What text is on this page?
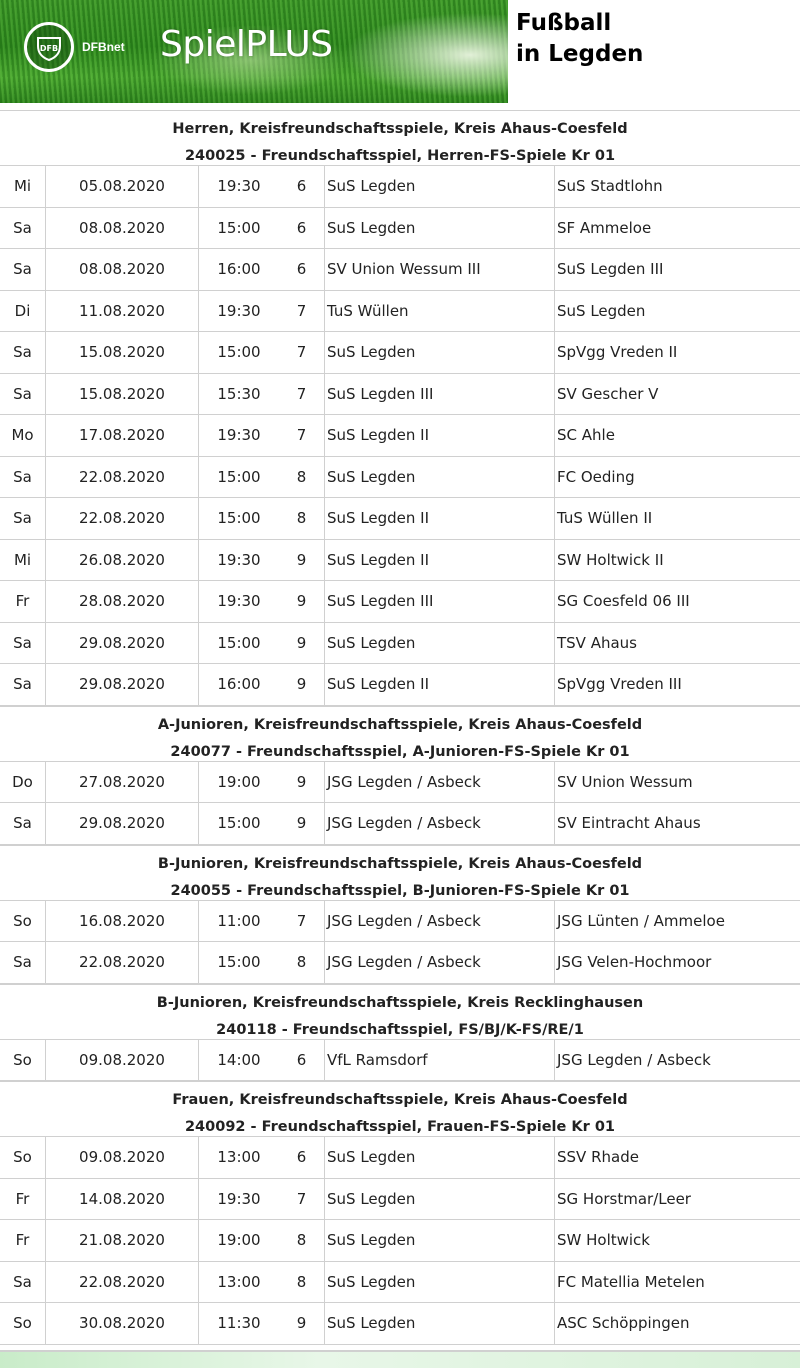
DFB DFBnet SpielPLUS
Fußball
in Legden
Herren, Kreisfreundschaftsspiele, Kreis Ahaus-Coesfeld
240025 - Freundschaftsspiel, Herren-FS-Spiele Kr 01
Mi	05.08.2020	19:30	6	SuS Legden	SuS Stadtlohn
Sa	08.08.2020	15:00	6	SuS Legden	SF Ammeloe
Sa	08.08.2020	16:00	6	SV Union Wessum III	SuS Legden III
Di	11.08.2020	19:30	7	TuS Wüllen	SuS Legden
Sa	15.08.2020	15:00	7	SuS Legden	SpVgg Vreden II
Sa	15.08.2020	15:30	7	SuS Legden III	SV Gescher V
Mo	17.08.2020	19:30	7	SuS Legden II	SC Ahle
Sa	22.08.2020	15:00	8	SuS Legden	FC Oeding
Sa	22.08.2020	15:00	8	SuS Legden II	TuS Wüllen II
Mi	26.08.2020	19:30	9	SuS Legden II	SW Holtwick II
Fr	28.08.2020	19:30	9	SuS Legden III	SG Coesfeld 06 III
Sa	29.08.2020	15:00	9	SuS Legden	TSV Ahaus
Sa	29.08.2020	16:00	9	SuS Legden II	SpVgg Vreden III
A-Junioren, Kreisfreundschaftsspiele, Kreis Ahaus-Coesfeld
240077 - Freundschaftsspiel, A-Junioren-FS-Spiele Kr 01
Do	27.08.2020	19:00	9	JSG Legden / Asbeck	SV Union Wessum
Sa	29.08.2020	15:00	9	JSG Legden / Asbeck	SV Eintracht Ahaus
B-Junioren, Kreisfreundschaftsspiele, Kreis Ahaus-Coesfeld
240055 - Freundschaftsspiel, B-Junioren-FS-Spiele Kr 01
So	16.08.2020	11:00	7	JSG Legden / Asbeck	JSG Lünten / Ammeloe
Sa	22.08.2020	15:00	8	JSG Legden / Asbeck	JSG Velen-Hochmoor
B-Junioren, Kreisfreundschaftsspiele, Kreis Recklinghausen
240118 - Freundschaftsspiel, FS/BJ/K-FS/RE/1
So	09.08.2020	14:00	6	VfL Ramsdorf	JSG Legden / Asbeck
Frauen, Kreisfreundschaftsspiele, Kreis Ahaus-Coesfeld
240092 - Freundschaftsspiel, Frauen-FS-Spiele Kr 01
So	09.08.2020	13:00	6	SuS Legden	SSV Rhade
Fr	14.08.2020	19:30	7	SuS Legden	SG Horstmar/Leer
Fr	21.08.2020	19:00	8	SuS Legden	SW Holtwick
Sa	22.08.2020	13:00	8	SuS Legden	FC Matellia Metelen
So	30.08.2020	11:30	9	SuS Legden	ASC Schöppingen
